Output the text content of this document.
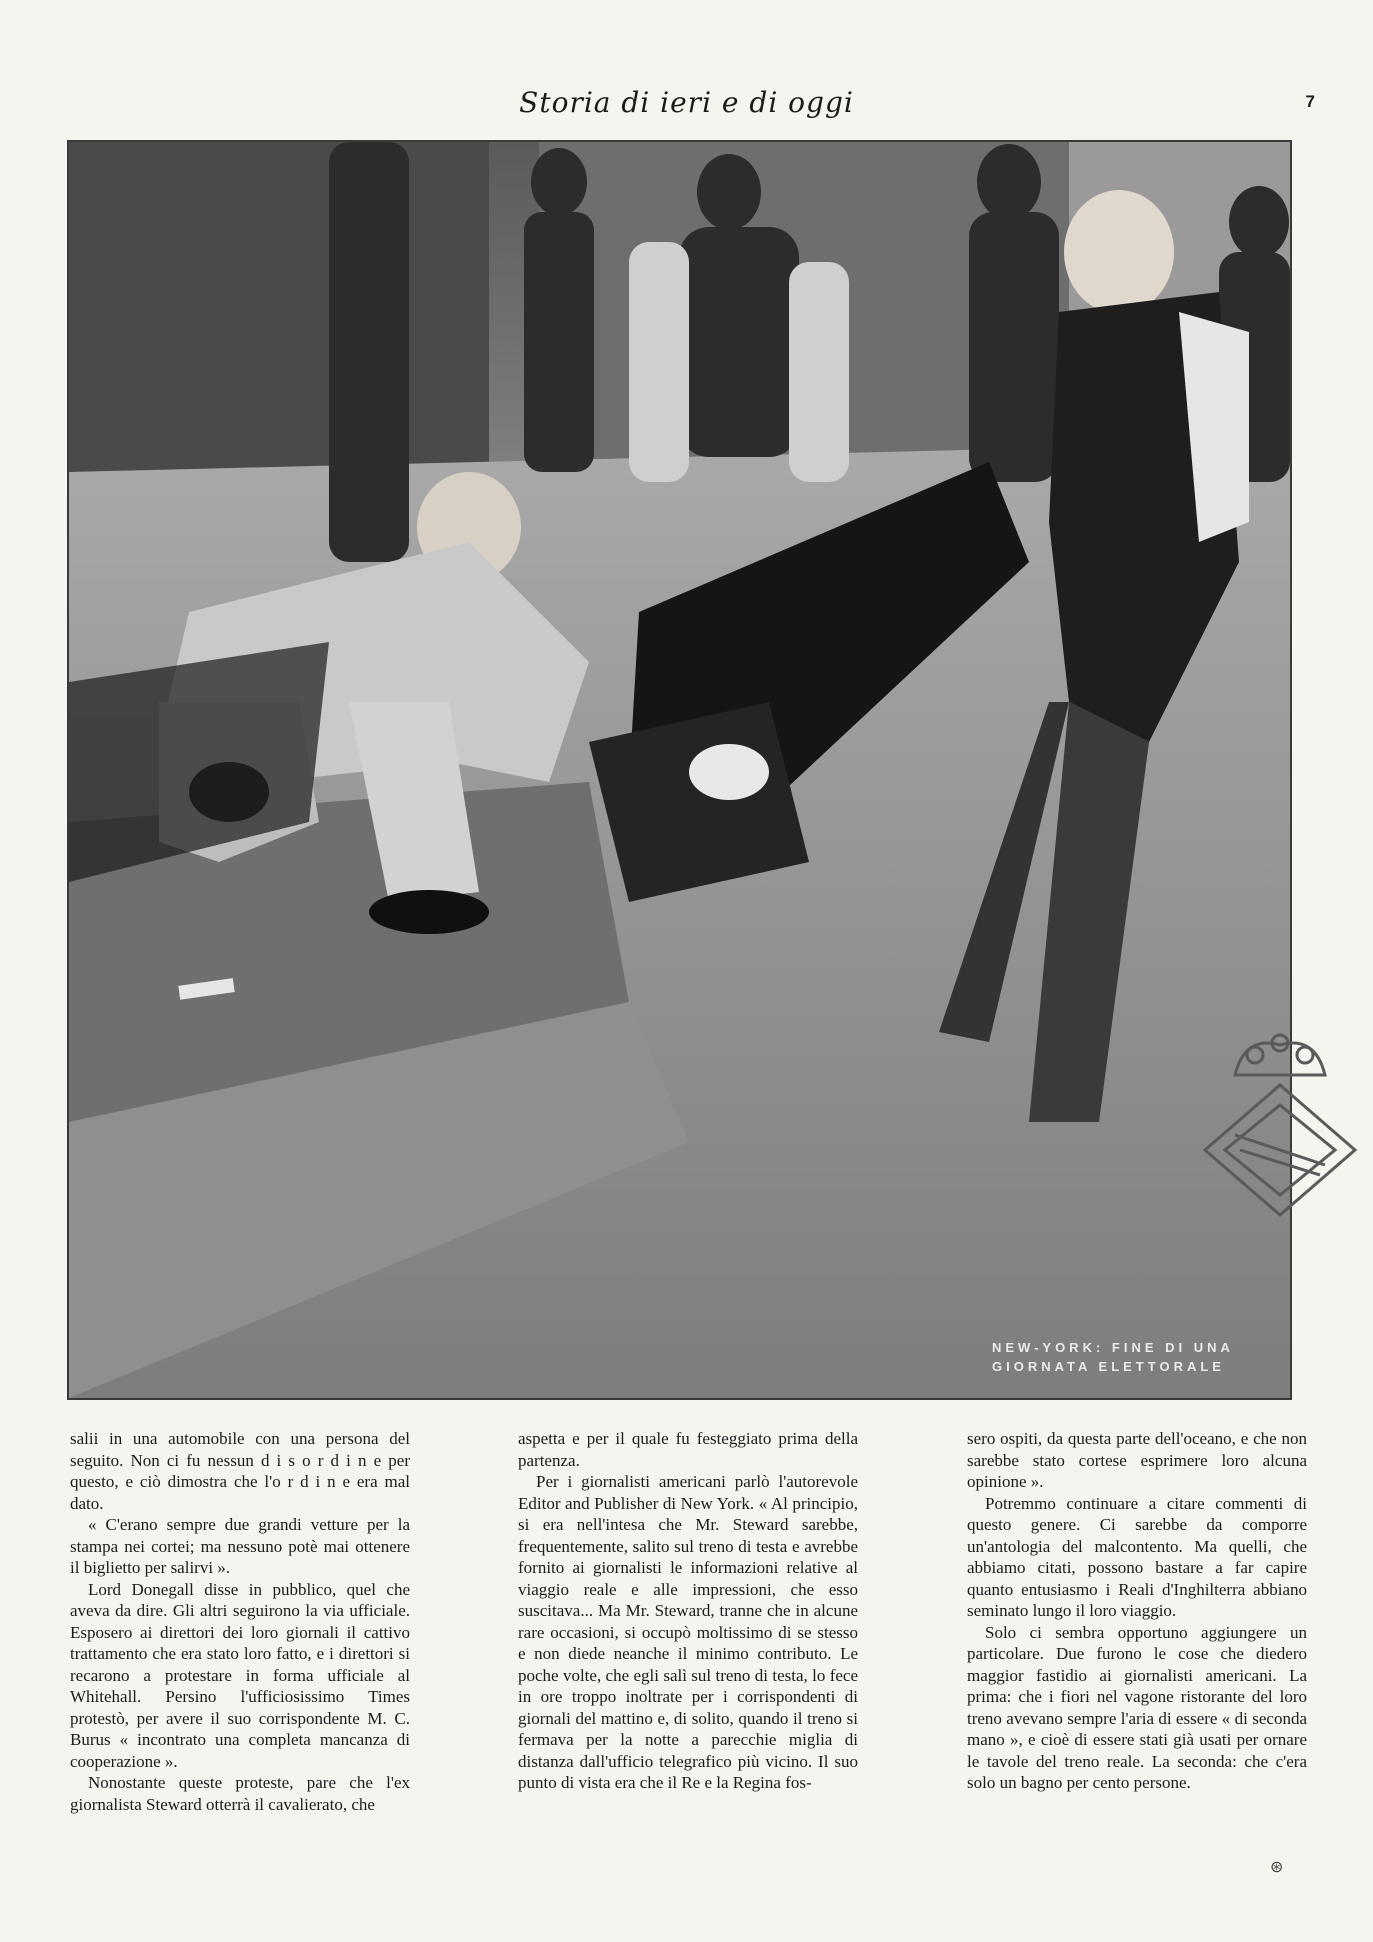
Storia di ieri e di oggi	7
NEW-YORK: FINE DI UNA
GIORNATA ELETTORALE

salii in una automobile con una persona del seguito. Non ci fu nessun d i s o r d i n e per questo, e ciò dimostra che l'o r d i n e era mal dato.

« C'erano sempre due grandi vetture per la stampa nei cortei; ma nessuno potè mai ottenere il biglietto per salirvi ».

Lord Donegall disse in pubblico, quel che aveva da dire. Gli altri seguirono la via ufficiale. Esposero ai direttori dei loro giornali il cattivo trattamento che era stato loro fatto, e i direttori si recarono a protestare in forma ufficiale al Whitehall. Persino l'ufficiosissimo Times protestò, per avere il suo corrispondente M. C. Burus « incontrato una completa mancanza di cooperazione ».

Nonostante queste proteste, pare che l'ex giornalista Steward otterrà il cavalierato, che

aspetta e per il quale fu festeggiato prima della partenza.

Per i giornalisti americani parlò l'autorevole Editor and Publisher di New York. « Al principio, si era nell'intesa che Mr. Steward sarebbe, frequentemente, salito sul treno di testa e avrebbe fornito ai giornalisti le informazioni relative al viaggio reale e alle impressioni, che esso suscitava... Ma Mr. Steward, tranne che in alcune rare occasioni, si occupò moltissimo di se stesso e non diede neanche il minimo contributo. Le poche volte, che egli salì sul treno di testa, lo fece in ore troppo inoltrate per i corrispondenti di giornali del mattino e, di solito, quando il treno si fermava per la notte a parecchie miglia di distanza dall'ufficio telegrafico più vicino. Il suo punto di vista era che il Re e la Regina fos-

sero ospiti, da questa parte dell'oceano, e che non sarebbe stato cortese esprimere loro alcuna opinione ».

Potremmo continuare a citare commenti di questo genere. Ci sarebbe da comporre un'antologia del malcontento. Ma quelli, che abbiamo citati, possono bastare a far capire quanto entusiasmo i Reali d'Inghilterra abbiano seminato lungo il loro viaggio.

Solo ci sembra opportuno aggiungere un particolare. Due furono le cose che diedero maggior fastidio ai giornalisti americani. La prima: che i fiori nel vagone ristorante del loro treno avevano sempre l'aria di essere « di seconda mano », e cioè di essere stati già usati per ornare le tavole del treno reale. La seconda: che c'era solo un bagno per cento persone.

⊛
